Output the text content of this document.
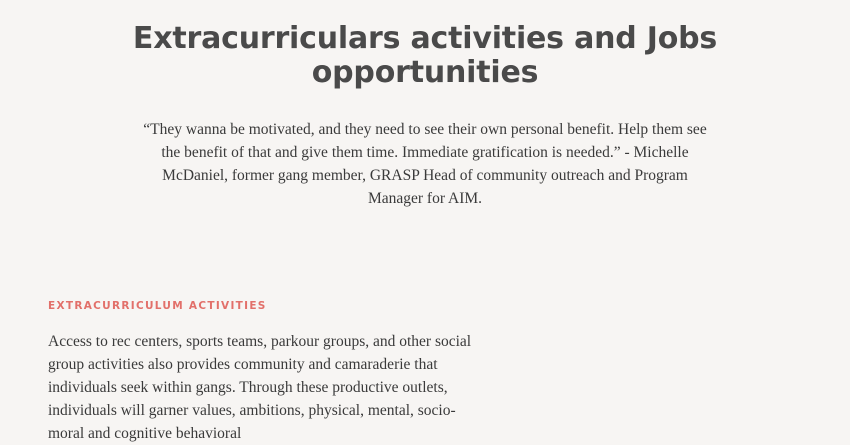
Extracurriculars activities and Jobs opportunities

“They wanna be motivated, and they need to see their own personal benefit. Help them see the benefit of that and give them time. Immediate gratification is needed.” - Michelle McDaniel, former gang member, GRASP Head of community outreach and Program Manager for AIM.

EXTRACURRICULUM ACTIVITIES

Access to rec centers, sports teams, parkour groups, and other social group activities also provides community and camaraderie that individuals seek within gangs. Through these productive outlets, individuals will garner values, ambitions, physical, mental, socio-moral and cognitive behavioral
